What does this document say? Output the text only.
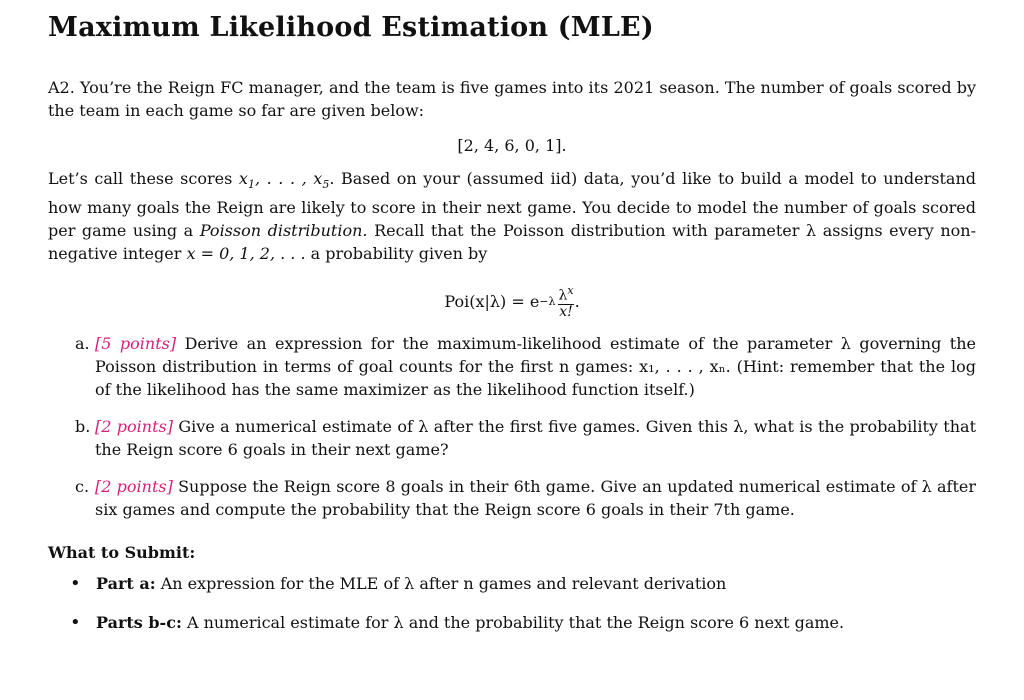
Maximum Likelihood Estimation (MLE)

A2. You’re the Reign FC manager, and the team is five games into its 2021 season. The number of goals scored by the team in each game so far are given below:

[2, 4, 6, 0, 1].

Let’s call these scores $x_1$, . . . , $x_5$. Based on your (assumed iid) data, you’d like to build a model to understand how many goals the Reign are likely to score in their next game. You decide to model the number of goals scored per game using a Poisson distribution. Recall that the Poisson distribution with parameter λ assigns every non-negative integer x = 0, 1, 2, . . . a probability given by

$Poi(x|\lambda) = e -\lambda \frac{\lambda^x}{x!}$ .
a. [5 points] Derive an expression for the maximum-likelihood estimate of the parameter λ governing the Poisson distribution in terms of goal counts for the first n games: x₁, . . . , xₙ. (Hint: remember that the log of the likelihood has the same maximizer as the likelihood function itself.)
b. [2 points] Give a numerical estimate of λ after the first five games. Given this λ, what is the probability that the Reign score 6 goals in their next game?
c. [2 points] Suppose the Reign score 8 goals in their 6th game. Give an updated numerical estimate of λ after six games and compute the probability that the Reign score 6 goals in their 7th game.

What to Submit:

• Part a: An expression for the MLE of λ after n games and relevant derivation
• Parts b-c: A numerical estimate for λ and the probability that the Reign score 6 next game.
